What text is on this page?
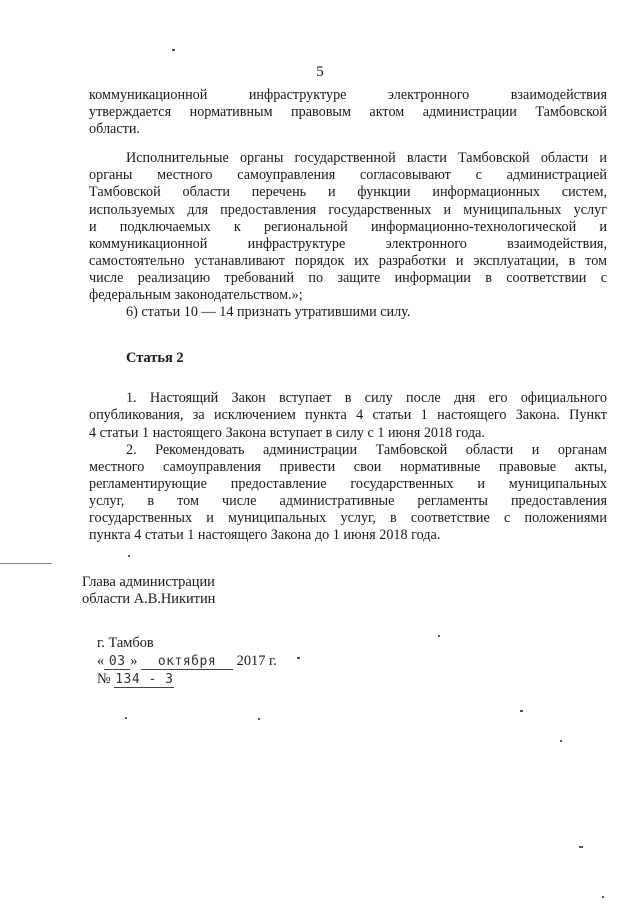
5

коммуникационной инфраструктуре электронного взаимодействия

утверждается нормативным правовым актом администрации Тамбовской

области.

Исполнительные органы государственной власти Тамбовской области и

органы местного самоуправления согласовывают с администрацией

Тамбовской области перечень и функции информационных систем,

используемых для предоставления государственных и муниципальных услуг

и подключаемых к региональной информационно-технологической и

коммуникационной инфраструктуре электронного взаимодействия,

самостоятельно устанавливают порядок их разработки и эксплуатации, в том

числе реализацию требований по защите информации в соответствии с

федеральным законодательством.»;

6) статьи 10 — 14 признать утратившими силу.

Статья 2

1. Настоящий Закон вступает в силу после дня его официального

опубликования, за исключением пункта 4 статьи 1 настоящего Закона. Пункт

4 статьи 1 настоящего Закона вступает в силу с 1 июня 2018 года.

2. Рекомендовать администрации Тамбовской области и органам

местного самоуправления привести свои нормативные правовые акты,

регламентирующие предоставление государственных и муниципальных

услуг, в том числе административные регламенты предоставления

государственных и муниципальных услуг, в соответствие с положениями

пункта 4 статьи 1 настоящего Закона до 1 июня 2018 года.

Глава администрации
области А.В.Никитин
г. Тамбов
« 03 » октября 2017 г.
№ 134 - З
